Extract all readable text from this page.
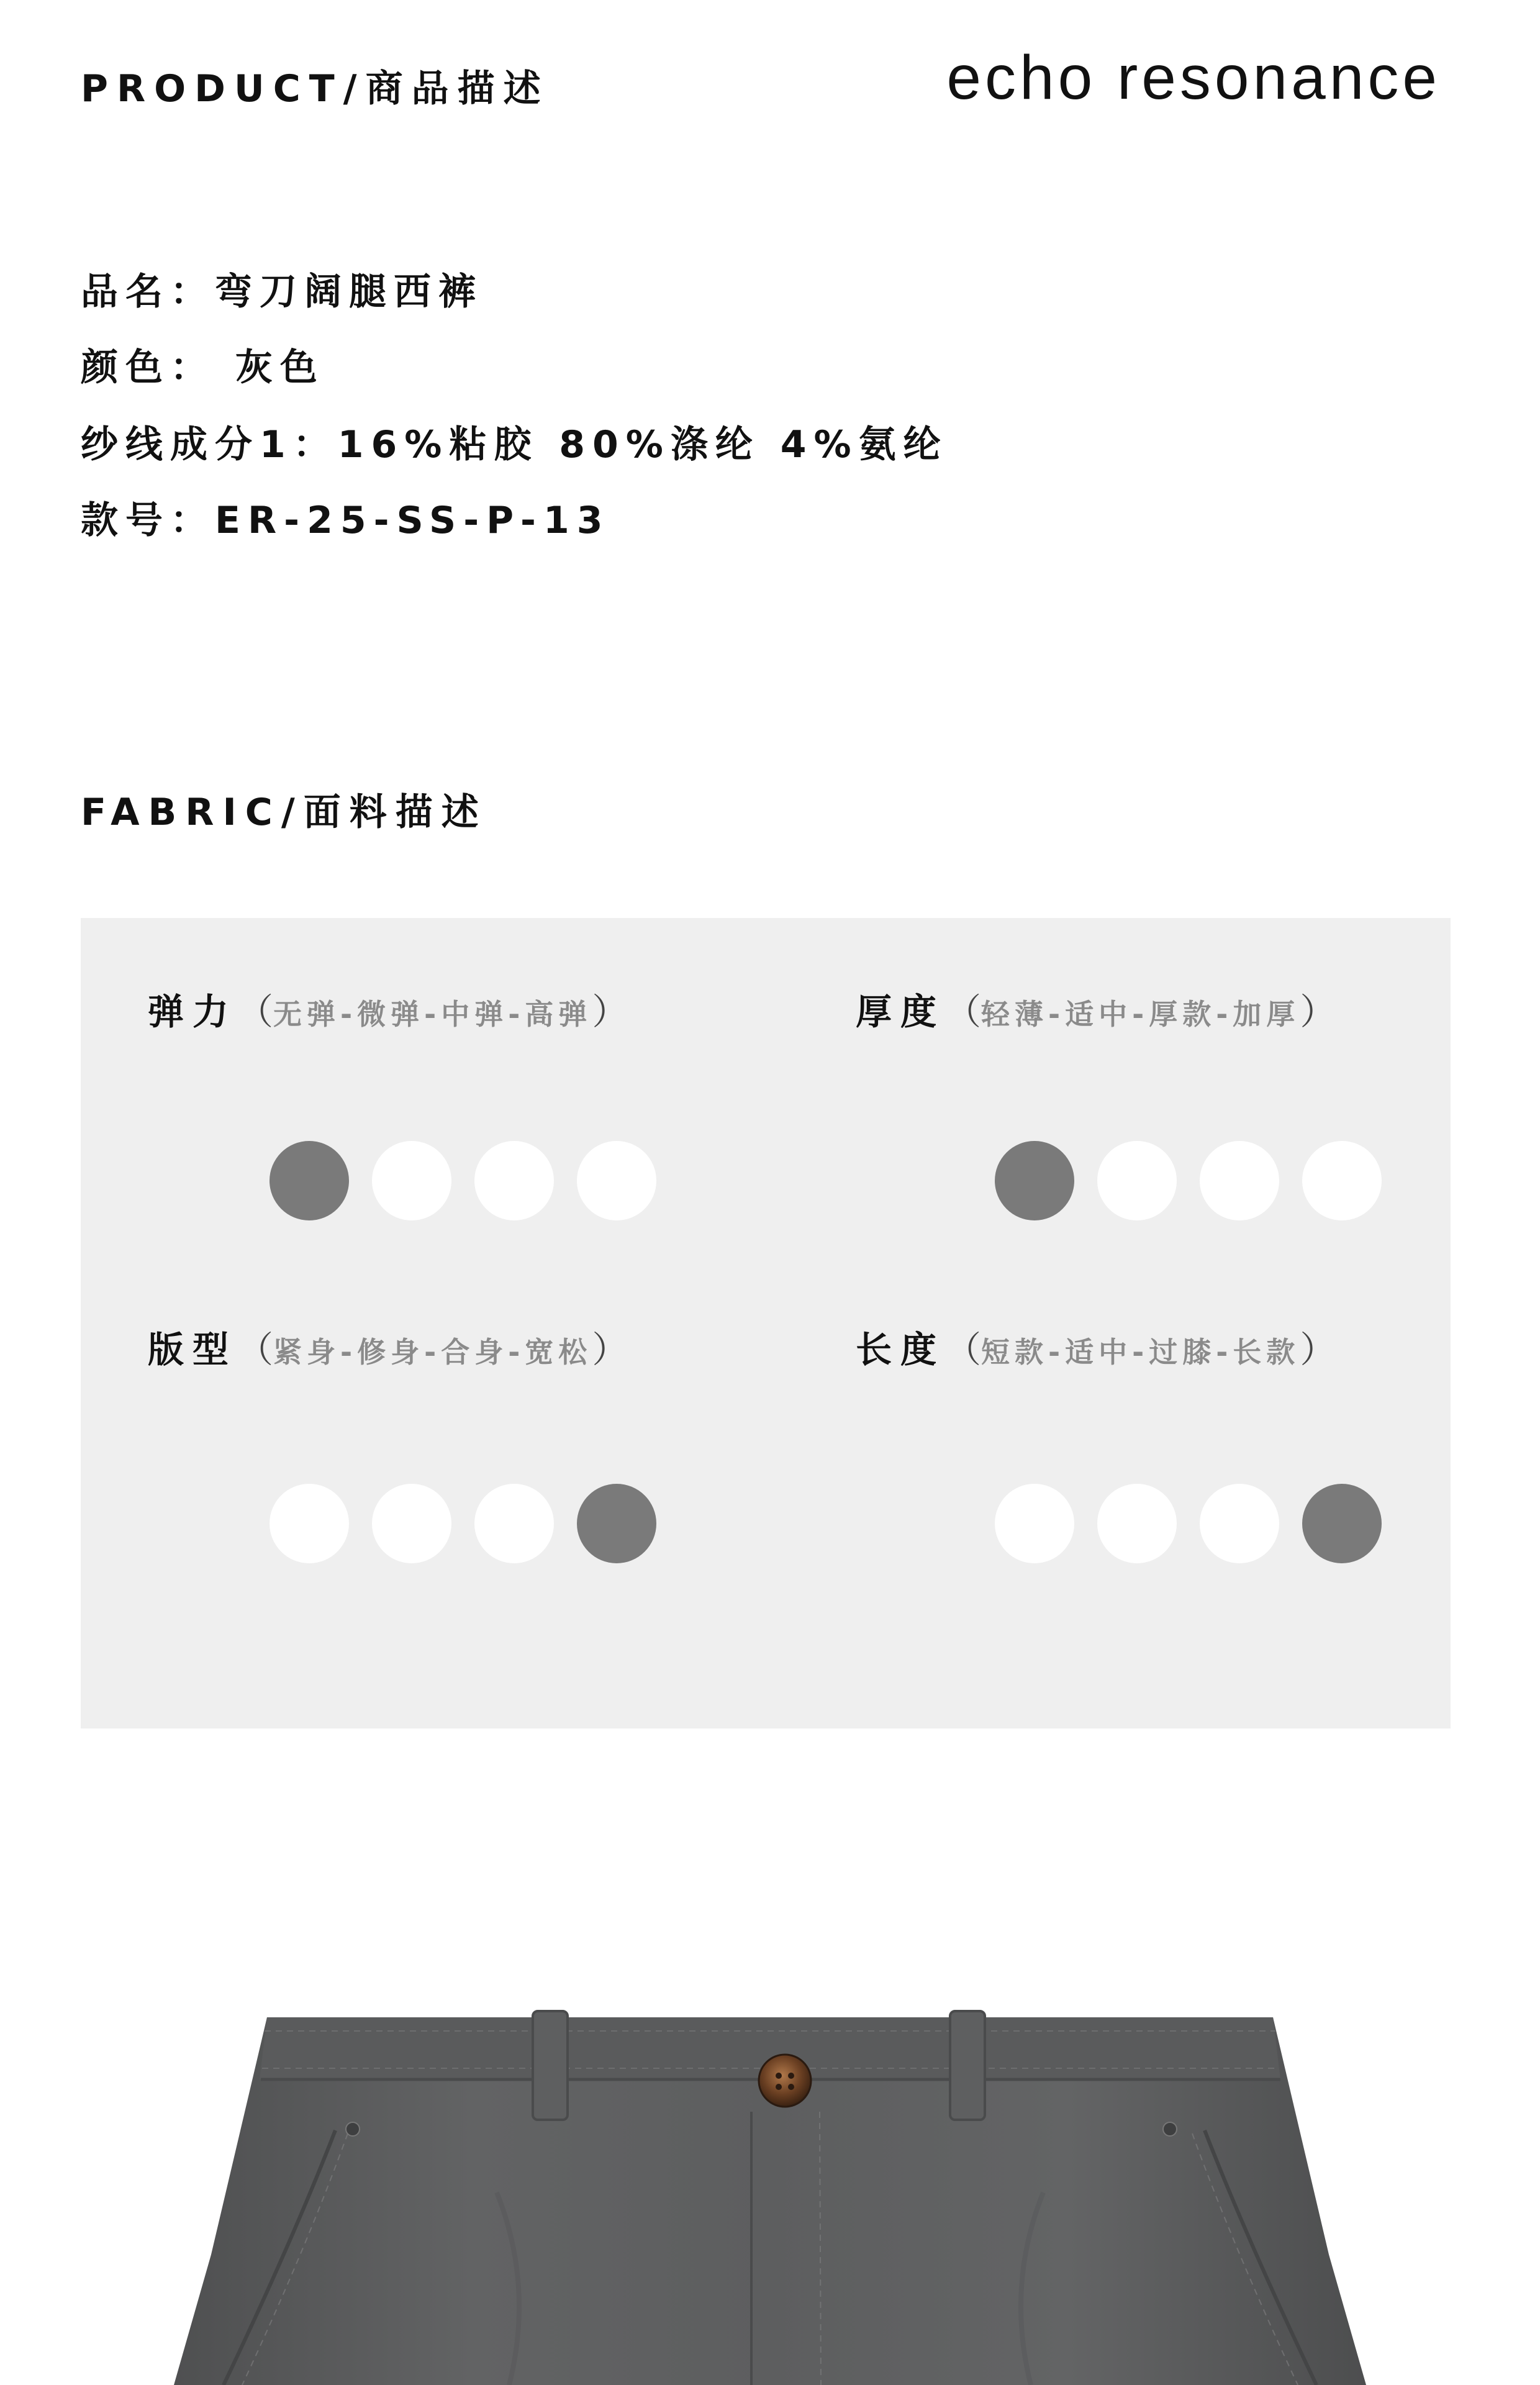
PRODUCT/商品描述	echo resonance
品名：弯刀阔腿西裤
颜色： 灰色
纱线成分1：16%粘胶 80%涤纶 4%氨纶
款号：ER-25-SS-P-13
FABRIC/面料描述
弹力（无弹-微弹-中弹-高弹）	厚度（轻薄-适中-厚款-加厚）
版型（紧身-修身-合身-宽松）	长度（短款-适中-过膝-长款）
